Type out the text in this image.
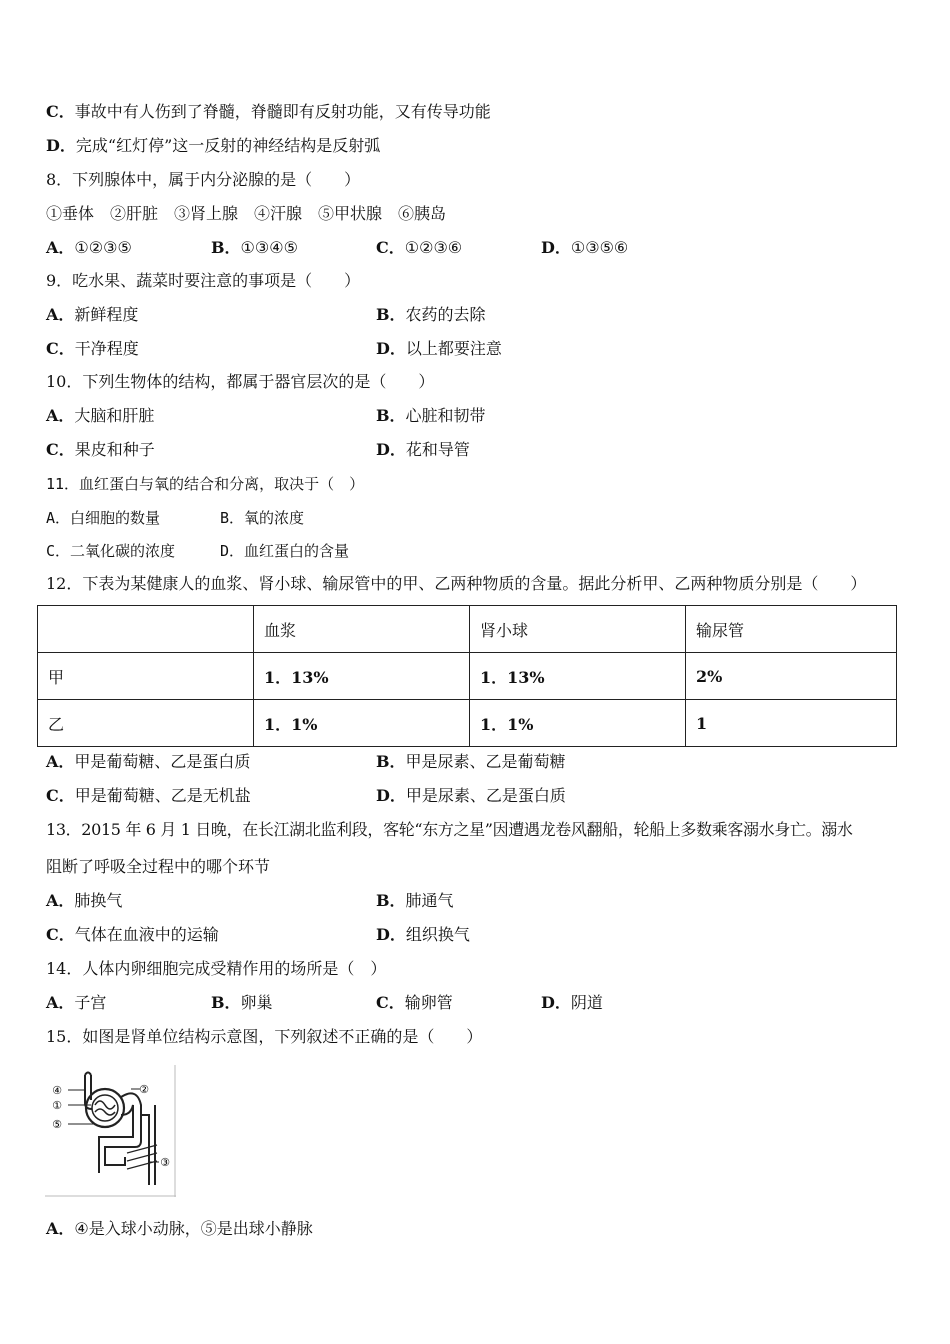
C．事故中有人伤到了脊髓，脊髓即有反射功能，又有传导功能
D．完成“红灯停”这一反射的神经结构是反射弧
8．下列腺体中，属于内分泌腺的是（　　）
①垂体　②肝脏　③肾上腺　④汗腺　⑤甲状腺　⑥胰岛
A．①②③⑤	B．①③④⑤	C．①②③⑥	D．①③⑤⑥
9．吃水果、蔬菜时要注意的事项是（　　）
A．新鲜程度	B．农药的去除
C．干净程度	D．以上都要注意
10．下列生物体的结构，都属于器官层次的是（　　）
A．大脑和肝脏	B．心脏和韧带
C．果皮和种子	D．花和导管
11．血红蛋白与氧的结合和分离，取决于（　）
A．白细胞的数量	B．氧的浓度
C．二氧化碳的浓度	D．血红蛋白的含量
12．下表为某健康人的血浆、肾小球、输尿管中的甲、乙两种物质的含量。据此分析甲、乙两种物质分别是（　　）
	血浆	肾小球	输尿管
甲	1．13%	1．13%	2%
乙	1．1%	1．1%	1
A．甲是葡萄糖、乙是蛋白质	B．甲是尿素、乙是葡萄糖
C．甲是葡萄糖、乙是无机盐	D．甲是尿素、乙是蛋白质
13．2015 年 6 月 1 日晚，在长江湖北监利段，客轮“东方之星”因遭遇龙卷风翻船，轮船上多数乘客溺水身亡。溺水
阻断了呼吸全过程中的哪个环节
A．肺换气	B．肺通气
C．气体在血液中的运输	D．组织换气
14．人体内卵细胞完成受精作用的场所是（　）
A．子宫	B．卵巢	C．输卵管	D．阴道
15．如图是肾单位结构示意图，下列叙述不正确的是（　　）
④	②
①
⑤
③
A．④是入球小动脉，⑤是出球小静脉
